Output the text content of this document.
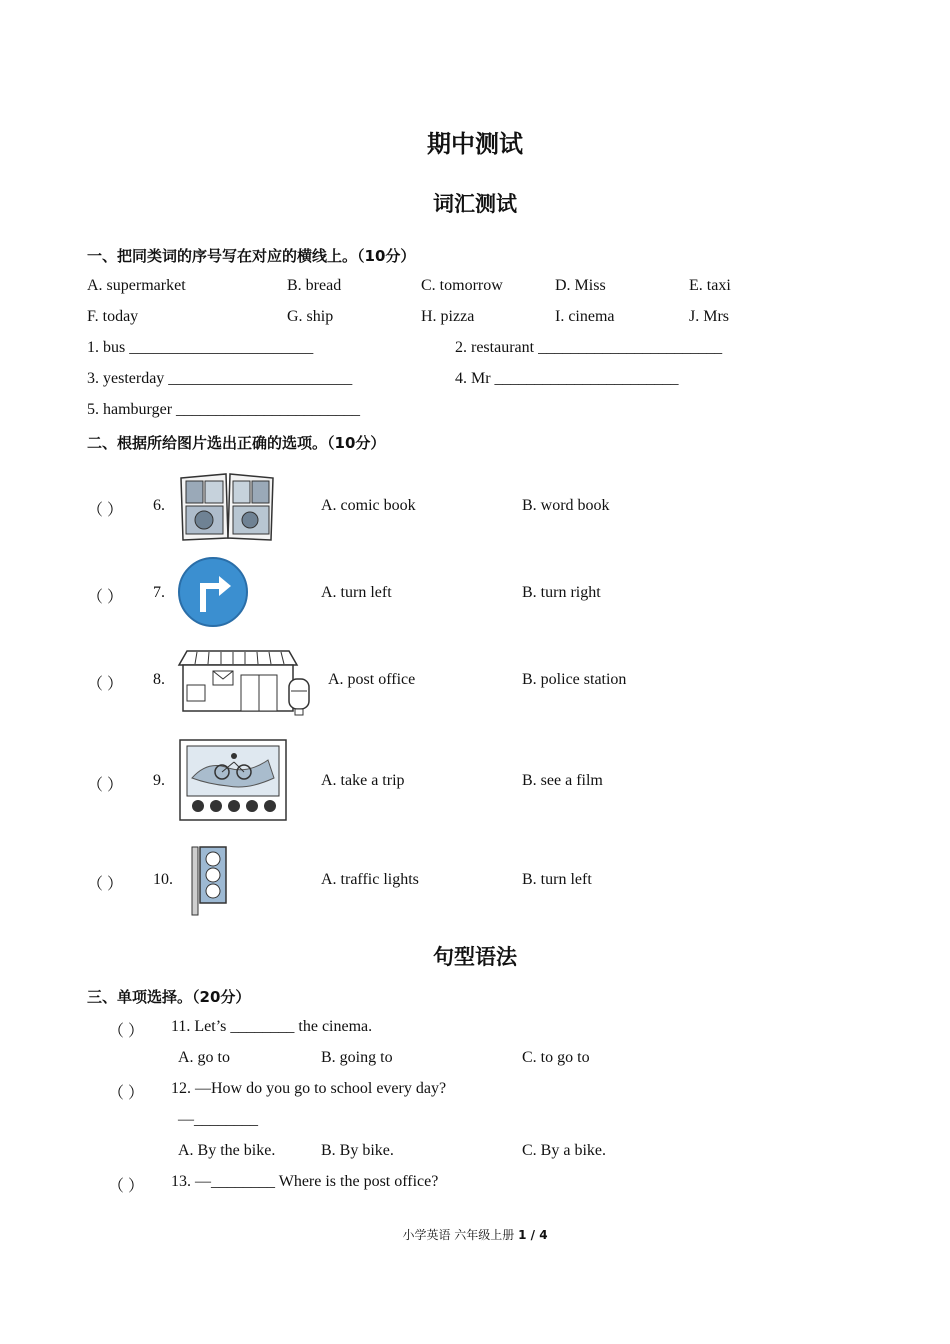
期中测试
词汇测试
一、把同类词的序号写在对应的横线上。（10分）
A. supermarket	B. bread	C. tomorrow	D. Miss	E. taxi
F. today	G. ship	H. pizza	I. cinema	J. Mrs
1. bus _______________________	2. restaurant _______________________
3. yesterday _______________________	4. Mr _______________________
5. hamburger _______________________
二、根据所给图片选出正确的选项。（10分）
（ ） 6.	A. comic book	B. word book
（ ） 7.	A. turn left	B. turn right
（ ） 8.	A. post office	B. police station
（ ） 9.	A. take a trip	B. see a film
（ ） 10.	A. traffic lights	B. turn left
句型语法
三、单项选择。（20分）
（ ） 11. Let’s ________ the cinema.
A. go to	B. going to	C. to go to
（ ） 12. —How do you go to school every day?
—________
A. By the bike.	B. By bike.	C. By a bike.
（ ） 13. —________ Where is the post office?
小学英语 六年级上册 1 / 4
